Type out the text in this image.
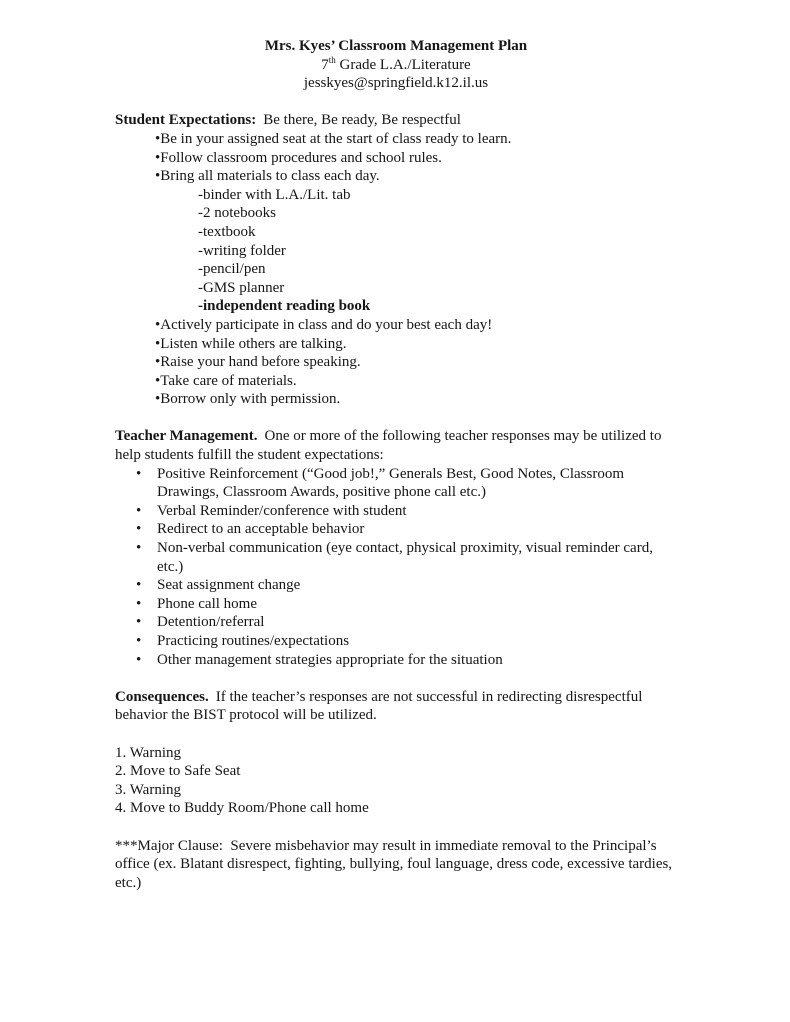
Mrs. Kyes’ Classroom Management Plan
7th Grade L.A./Literature
jesskyes@springfield.k12.il.us
Student Expectations: Be there, Be ready, Be respectful
•Be in your assigned seat at the start of class ready to learn.
•Follow classroom procedures and school rules.
•Bring all materials to class each day.
-binder with L.A./Lit. tab
-2 notebooks
-textbook
-writing folder
-pencil/pen
-GMS planner
-independent reading book
•Actively participate in class and do your best each day!
•Listen while others are talking.
•Raise your hand before speaking.
•Take care of materials.
•Borrow only with permission.
Teacher Management. One or more of the following teacher responses may be utilized to help students fulfill the student expectations:
• Positive Reinforcement (“Good job!,” Generals Best, Good Notes, Classroom Drawings, Classroom Awards, positive phone call etc.)
• Verbal Reminder/conference with student
• Redirect to an acceptable behavior
• Non-verbal communication (eye contact, physical proximity, visual reminder card, etc.)
• Seat assignment change
• Phone call home
• Detention/referral
• Practicing routines/expectations
• Other management strategies appropriate for the situation
Consequences. If the teacher’s responses are not successful in redirecting disrespectful behavior the BIST protocol will be utilized.
1. Warning
2. Move to Safe Seat
3. Warning
4. Move to Buddy Room/Phone call home
***Major Clause:  Severe misbehavior may result in immediate removal to the Principal’s office (ex. Blatant disrespect, fighting, bullying, foul language, dress code, excessive tardies, etc.)
